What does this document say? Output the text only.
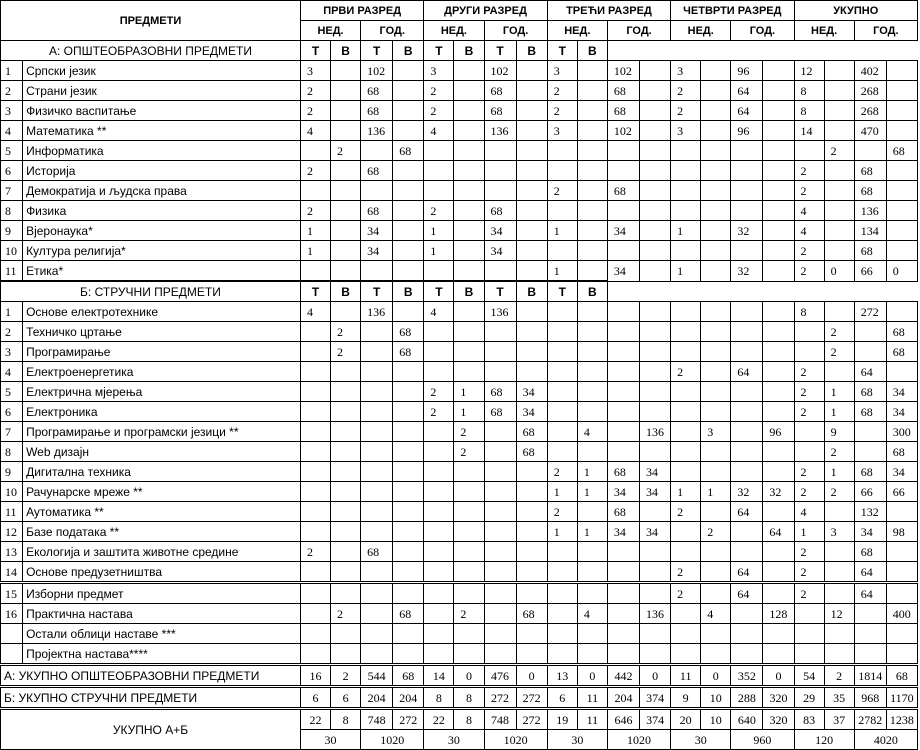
ПРЕДМЕТИ		ПРВИ РАЗРЕД				ДРУГИ РАЗРЕД				ТРЕЋИ РАЗРЕД				ЧЕТВРТИ РАЗРЕД				УКУПНО			
		НЕД.		ГОД.		НЕД.		ГОД.		НЕД.		ГОД.		НЕД.		ГОД.		НЕД.		ГОД.	
А: ОПШТЕОБРАЗОВНИ ПРЕДМЕТИ		Т	В	Т	В	Т	В	Т	В	Т	В										
1	Српски језик	3		102		3		102		3		102		3		96		12		402	
2	Страни језик	2		68		2		68		2		68		2		64		8		268	
3	Физичко васпитање	2		68		2		68		2		68		2		64		8		268	
4	Математика **	4		136		4		136		3		102		3		96		14		470	
5	Информатика		2		68														2		68
6	Историја	2		68														2		68	
7	Демократија и људска права									2		68						2		68	
8	Физика	2		68		2		68										4		136	
9	Вјеронаука*	1		34		1		34		1		34		1		32		4		134	
10	Култура религија*	1		34		1		34										2		68	
11	Етика*									1		34		1		32		2	0	66	0
Б: СТРУЧНИ ПРЕДМЕТИ		Т	В	Т	В	Т	В	Т	В	Т	В										
1	Основе електротехнике	4		136		4		136										8		272	
2	Техничко цртање		2		68														2		68
3	Програмирање		2		68														2		68
4	Електроенергетика													2		64		2		64	
5	Електрична мјерења					2	1	68	34									2	1	68	34
6	Електроника					2	1	68	34									2	1	68	34
7	Програмирање и програмски језици **						2		68		4		136		3		96		9		300
8	Web дизајн						2		68										2		68
9	Дигитална техника									2	1	68	34					2	1	68	34
10	Рачунарске мреже **									1	1	34	34	1	1	32	32	2	2	66	66
11	Аутоматика **									2		68		2		64		4		132	
12	Базе података **									1	1	34	34		2		64	1	3	34	98
13	Екологија и заштита животне средине	2		68														2		68	
14	Основе предузетништва													2		64		2		64	
15	Изборни предмет													2		64		2		64	
16	Практична настава		2		68		2		68		4		136		4		128		12		400
	Остали облици наставе ***																				
	Пројектна настава****																				
А: УКУПНО ОПШТЕОБРАЗОВНИ ПРЕДМЕТИ		16	2	544	68	14	0	476	0	13	0	442	0	11	0	352	0	54	2	1814	68
Б: УКУПНО СТРУЧНИ ПРЕДМЕТИ		6	6	204	204	8	8	272	272	6	11	204	374	9	10	288	320	29	35	968	1170
УКУПНО А+Б		22	8	748	272	22	8	748	272	19	11	646	374	20	10	640	320	83	37	2782	1238
		30		1020		30		1020		30		1020		30		960		120		4020	
